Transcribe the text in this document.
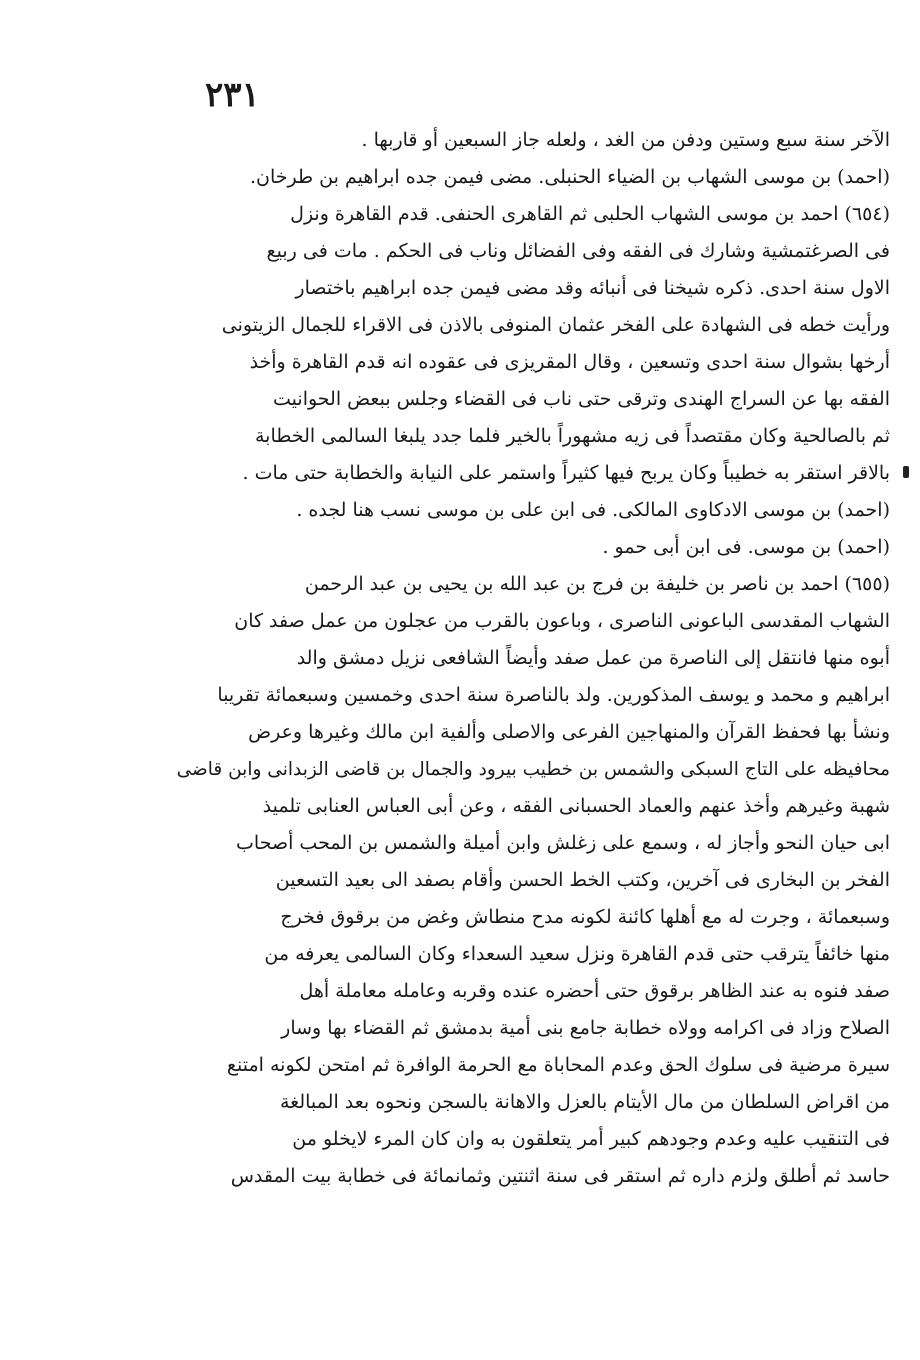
٢٣١
الآخر سنة سبع وستين ودفن من الغد ، ولعله جاز السبعين أو قاربها .
(احمد) بن موسى الشهاب بن الضياء الحنبلى. مضى فيمن جده ابراهيم بن طرخان.
(٦٥٤) احمد بن موسى الشهاب الحلبى ثم القاهرى الحنفى. قدم القاهرة ونزل
فى الصرغتمشية وشارك فى الفقه وفى الفضائل وناب فى الحكم . مات فى ربيع
الاول سنة احدى. ذكره شيخنا فى أنبائه وقد مضى فيمن جده ابراهيم باختصار
ورأيت خطه فى الشهادة على الفخر عثمان المنوفى بالاذن فى الاقراء للجمال الزيتونى
أرخها بشوال سنة احدى وتسعين ، وقال المقريزى فى عقوده انه قدم القاهرة وأخذ
الفقه بها عن السراج الهندى وترقى حتى ناب فى القضاء وجلس ببعض الحوانيت
ثم بالصالحية وكان مقتصداً فى زيه مشهوراً بالخير فلما جدد يلبغا السالمى الخطابة
بالاقر استقر به خطيباً وكان يربح فيها كثيراً واستمر على النيابة والخطابة حتى مات .
(احمد) بن موسى الادكاوى المالكى. فى ابن على بن موسى نسب هنا لجده .
(احمد) بن موسى. فى ابن أبى حمو .
(٦٥٥) احمد بن ناصر بن خليفة بن فرج بن عبد الله بن يحيى بن عبد الرحمن
الشهاب المقدسى الباعونى الناصرى ، وباعون بالقرب من عجلون من عمل صفد كان
أبوه منها فانتقل إلى الناصرة من عمل صفد وأيضاً الشافعى نزيل دمشق والد
ابراهيم و محمد و يوسف المذكورين. ولد بالناصرة سنة احدى وخمسين وسبعمائة تقريبا
ونشأ بها فحفظ القرآن والمنهاجين الفرعى والاصلى وألفية ابن مالك وغيرها وعرض
محافيظه على التاج السبكى والشمس بن خطيب بيرود والجمال بن قاضى الزبدانى وابن قاضى
شهبة وغيرهم وأخذ عنهم والعماد الحسبانى الفقه ، وعن أبى العباس العنابى تلميذ
ابى حيان النحو وأجاز له ، وسمع على زغلش وابن أميلة والشمس بن المحب أصحاب
الفخر بن البخارى فى آخرين، وكتب الخط الحسن وأقام بصفد الى بعيد التسعين
وسبعمائة ، وجرت له مع أهلها كائنة لكونه مدح منطاش وغض من برقوق فخرج
منها خائفاً يترقب حتى قدم القاهرة ونزل سعيد السعداء وكان السالمى يعرفه من
صفد فنوه به عند الظاهر برقوق حتى أحضره عنده وقربه وعامله معاملة أهل
الصلاح وزاد فى اكرامه وولاه خطابة جامع بنى أمية بدمشق ثم القضاء بها وسار
سيرة مرضية فى سلوك الحق وعدم المحاباة مع الحرمة الوافرة ثم امتحن لكونه امتنع
من اقراض السلطان من مال الأيتام بالعزل والاهانة بالسجن ونحوه بعد المبالغة
فى التنقيب عليه وعدم وجودهم كبير أمر يتعلقون به وان كان المرء لايخلو من
حاسد ثم أطلق ولزم داره ثم استقر فى سنة اثنتين وثمانمائة فى خطابة بيت المقدس
